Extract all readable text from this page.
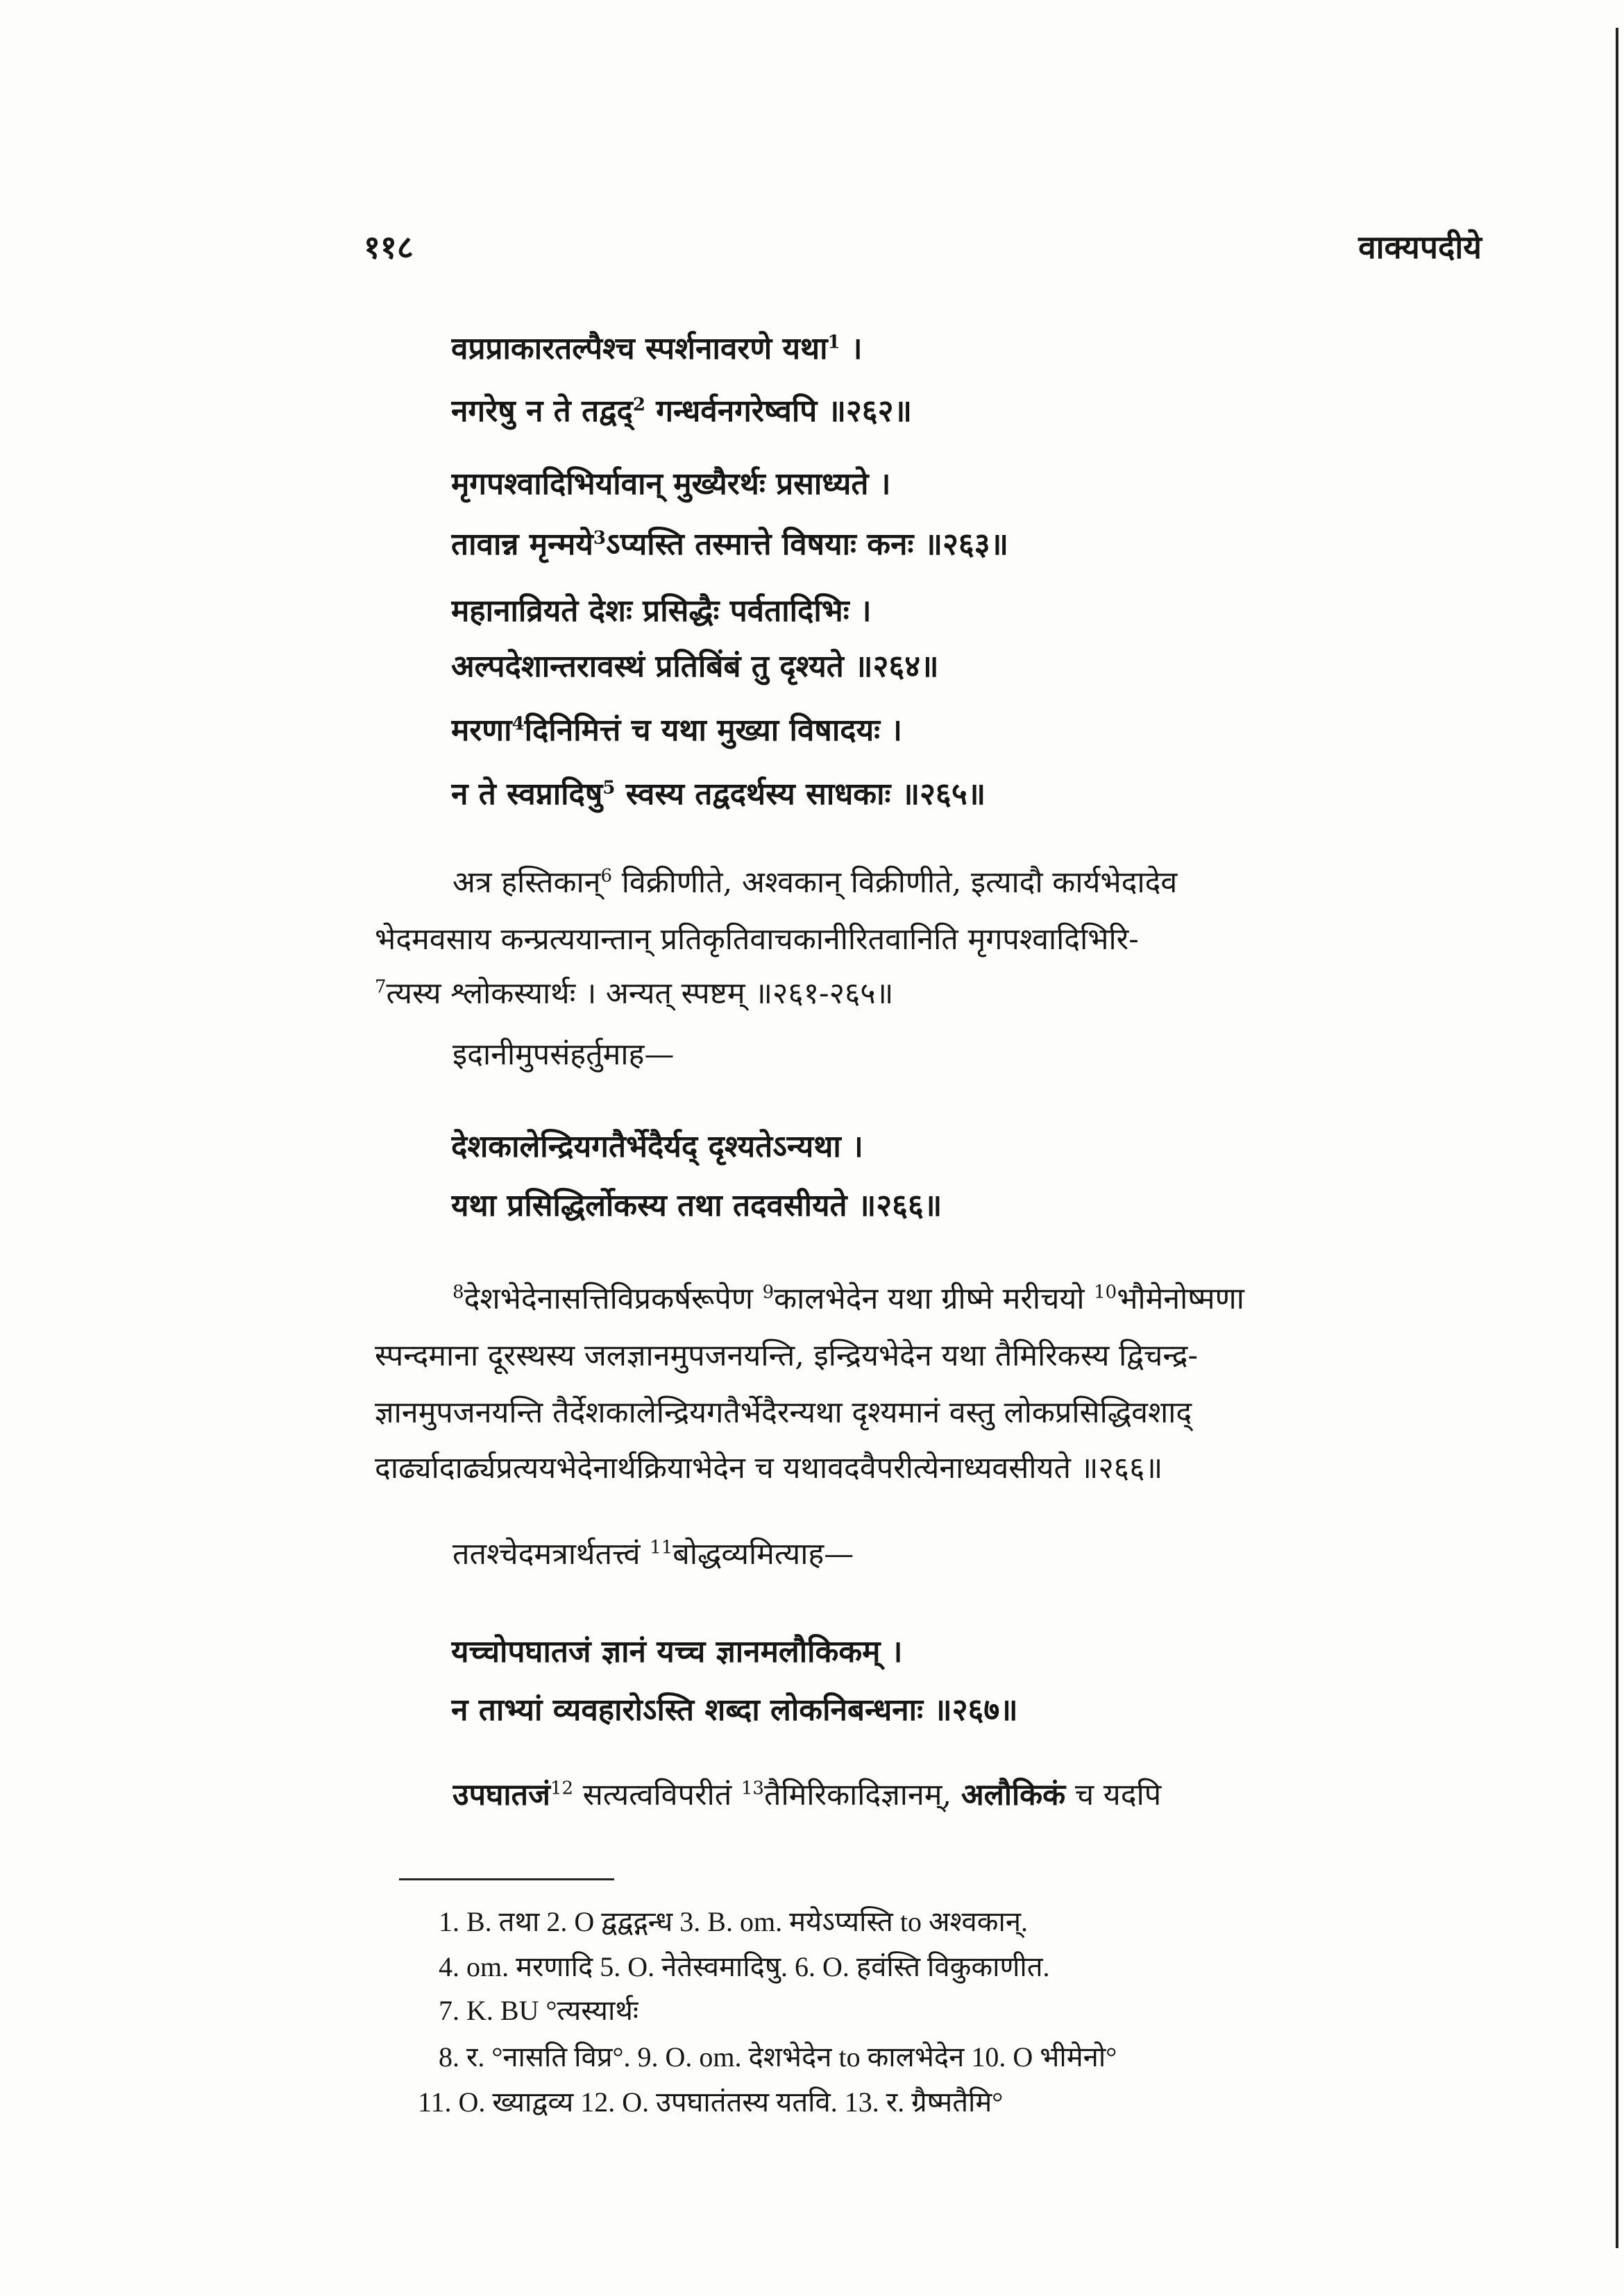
११८	वाक्यपदीये
वप्रप्राकारतल्पैश्च स्पर्शनावरणे यथा$^1$ ।
नगरेषु न ते तद्वद्$^2$ गन्धर्वनगरेष्वपि ॥२६२॥
मृगपश्वादिभिर्यावान् मुख्यैरर्थः प्रसाध्यते ।
तावान्न मृन्मये$^3$ऽप्यस्ति तस्मात्ते विषयाः कनः ॥२६३॥
महानाव्रियते देशः प्रसिद्धैः पर्वतादिभिः ।
अल्पदेशान्तरावस्थं प्रतिबिंबं तु दृश्यते ॥२६४॥
मरणा$^4$दिनिमित्तं च यथा मुख्या विषादयः ।
न ते स्वप्नादिषु$^5$ स्वस्य तद्वदर्थस्य साधकाः ॥२६५॥
अत्र हस्तिकान्$^6$ विक्रीणीते, अश्वकान् विक्रीणीते, इत्यादौ कार्यभेदादेव
भेदमवसाय कन्प्रत्ययान्तान् प्रतिकृतिवाचकानीरितवानिति मृगपश्वादिभिरि-
$^7$त्यस्य श्लोकस्यार्थः । अन्यत् स्पष्टम् ॥२६१-२६५॥
इदानीमुपसंहर्तुमाह—
देशकालेन्द्रियगतैर्भेदैर्यद् दृश्यतेऽन्यथा ।
यथा प्रसिद्धिर्लोकस्य तथा तदवसीयते ॥२६६॥
$^8$देशभेदेनासत्तिविप्रकर्षरूपेण $^9$कालभेदेन यथा ग्रीष्मे मरीचयो $^{10}$भौमेनोष्मणा
स्पन्दमाना दूरस्थस्य जलज्ञानमुपजनयन्ति, इन्द्रियभेदेन यथा तैमिरिकस्य द्विचन्द्र-
ज्ञानमुपजनयन्ति तैर्देशकालेन्द्रियगतैर्भेदैरन्यथा दृश्यमानं वस्तु लोकप्रसिद्धिवशाद्
दार्ढ्यादार्ढ्यप्रत्ययभेदेनार्थक्रियाभेदेन च यथावदवैपरीत्येनाध्यवसीयते ॥२६६॥
ततश्चेदमत्रार्थतत्त्वं $^{11}$बोद्धव्यमित्याह—
यच्चोपघातजं ज्ञानं यच्च ज्ञानमलौकिकम् ।
न ताभ्यां व्यवहारोऽस्ति शब्दा लोकनिबन्धनाः ॥२६७॥
उपघातजं$^{12}$ सत्यत्वविपरीतं $^{13}$तैमिरिकादिज्ञानम्, अलौकिकं च यदपि
1. B. तथा 2. O द्वद्वद्गन्ध 3. B. om. मयेऽप्यस्ति to अश्वकान्.
4. om. मरणादि 5. O. नेतेस्वमादिषु. 6. O. हवंस्ति विकुकाणीत.
7. K. BU °त्यस्यार्थः
8. र. °नासति विप्र°. 9. O. om. देशभेदेन to कालभेदेन 10. O भीमेनो°
11. O. ख्याद्वव्य 12. O. उपघातंतस्य यतवि. 13. र. ग्रैष्मतैमि°
